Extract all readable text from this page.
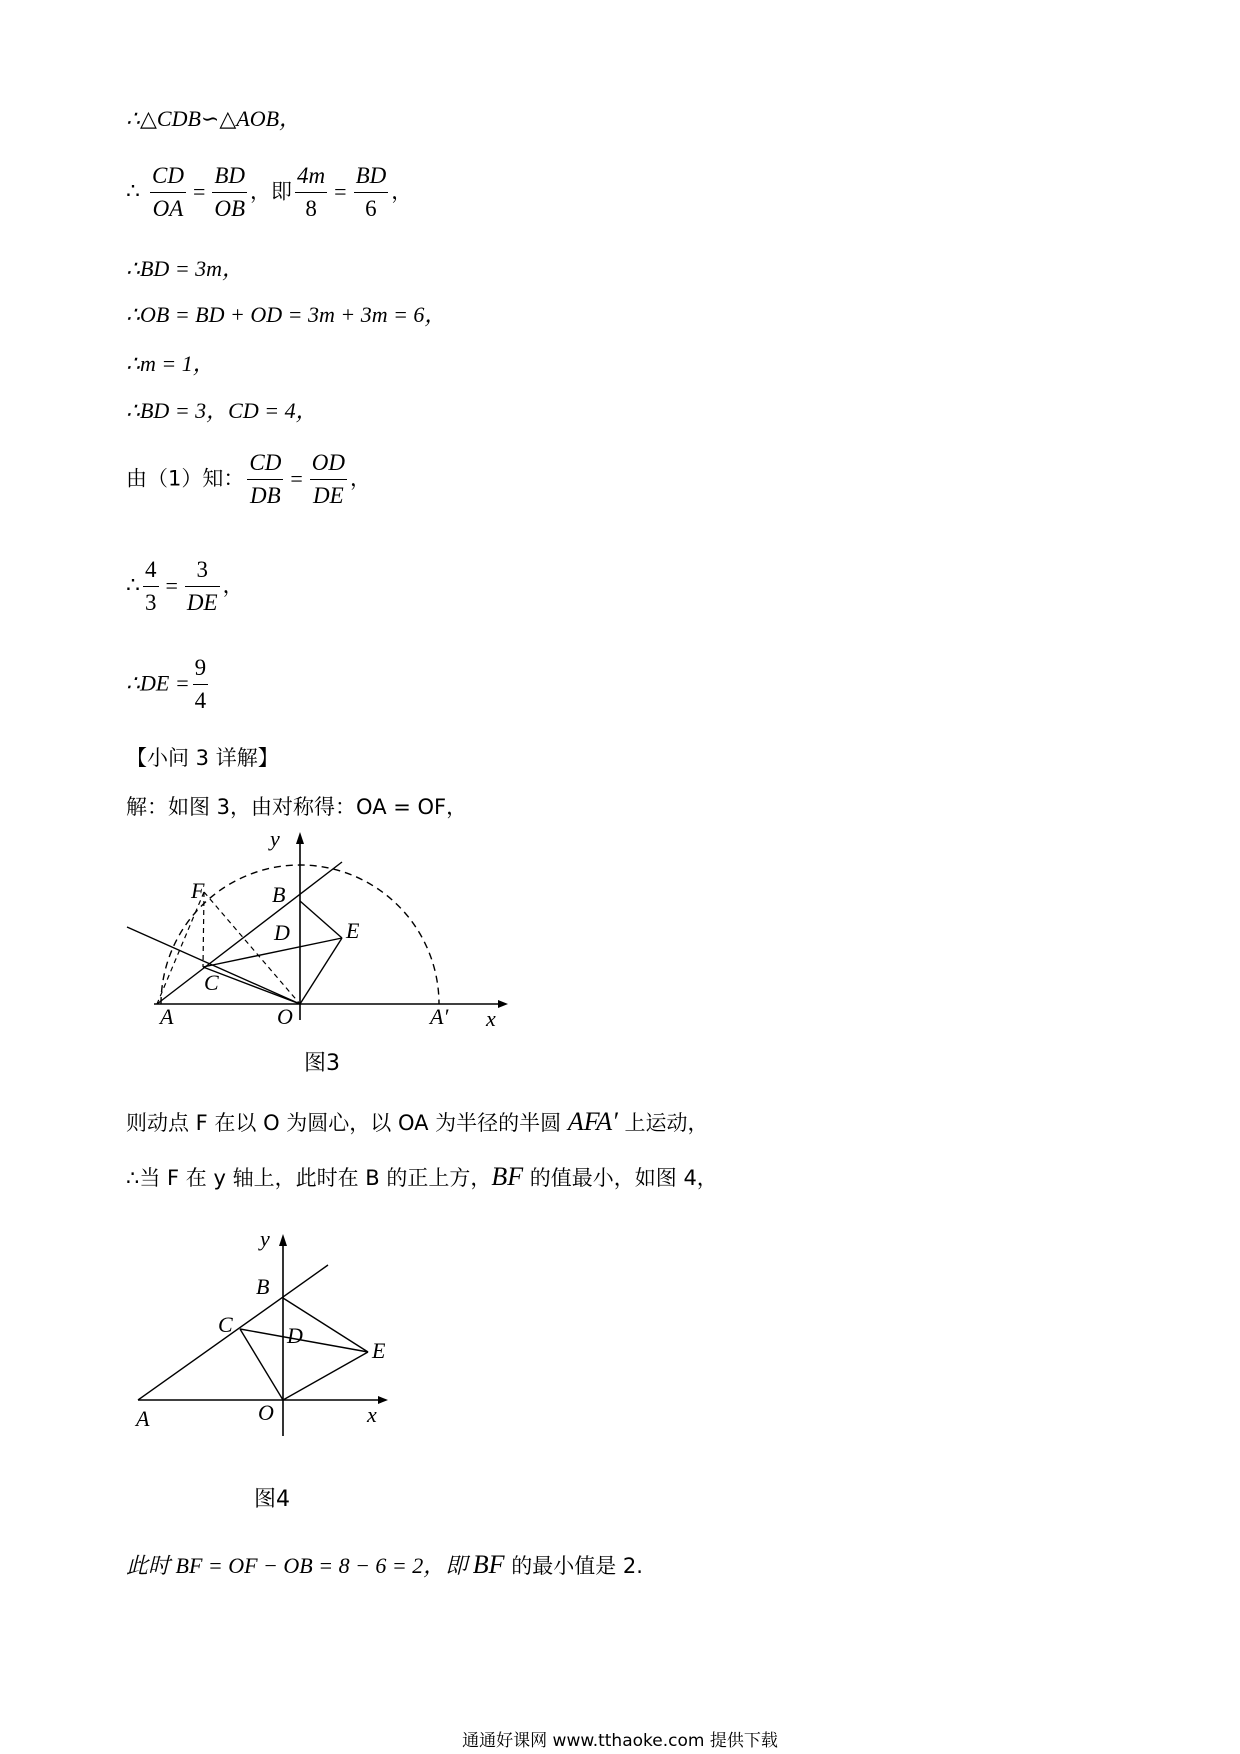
∴△CDB∽△AOB，
∴ $\frac{CD}{OA} = \frac{BD}{OB}$ ，即 $\frac{4m}{8} = \frac{BD}{6}$ ，
∴BD = 3m，
∴OB = BD + OD = 3m + 3m = 6，
∴m = 1，
∴BD = 3，CD = 4，
由（1）知： $\frac{CD}{DB} = \frac{OD}{DE}$ ，
∴ $\frac{4}{3} = \frac{3}{DE}$ ，
∴DE = $\frac{9}{4}$
【小问 3 详解】
解：如图 3，由对称得：OA = OF，
y
x
F	B
D	E
C
A	O	A′
图3
则动点 F 在以 O 为圆心，以 OA 为半径的半圆 AFA′ 上运动，
∴当 F 在 y 轴上，此时在 B 的正上方，BF 的值最小，如图 4，
y
x
B
C D
E
A	O
图4
此时 BF = OF − OB = 8 − 6 = 2，即 BF 的最小值是 2.
通通好课网 www.tthaoke.com 提供下载
